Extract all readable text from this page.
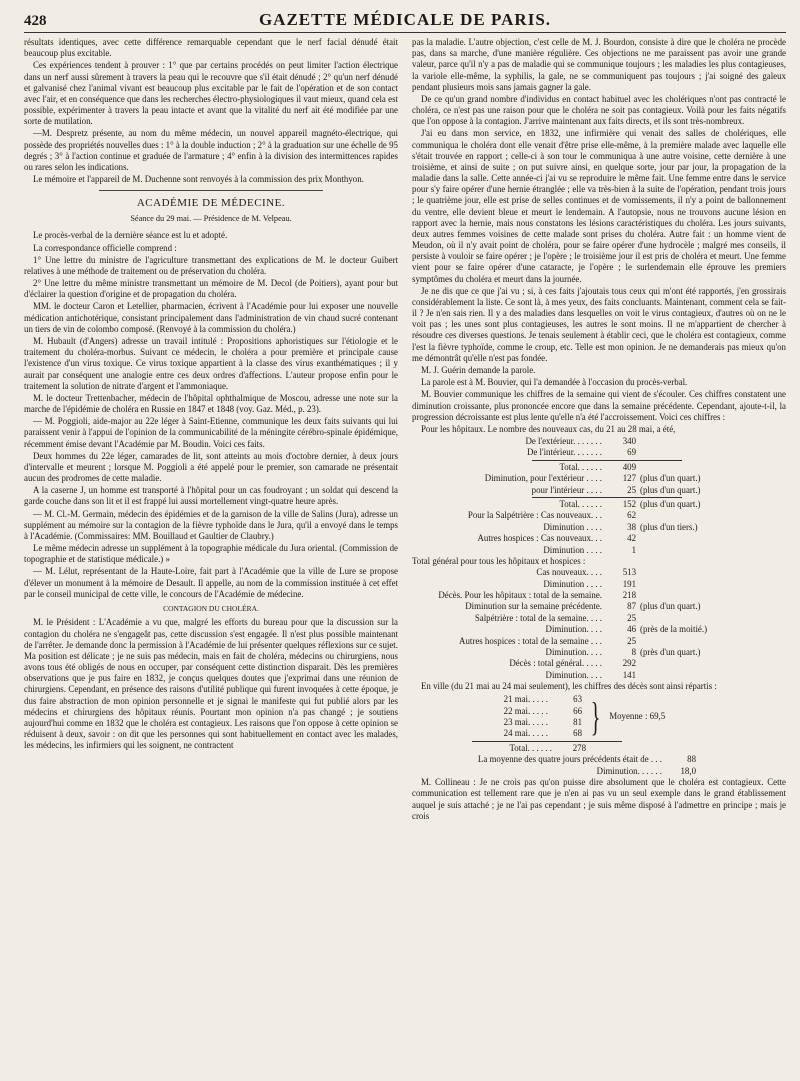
428	GAZETTE MÉDICALE DE PARIS.

résultats identiques, avec cette différence remarquable cependant que le nerf facial dénudé était beaucoup plus excitable.

Ces expériences tendent à prouver : 1° que par certains procédés on peut limiter l'action électrique dans un nerf aussi sûrement à travers la peau qui le recouvre que s'il était dénudé ; 2° qu'un nerf dénudé et galvanisé chez l'animal vivant est beaucoup plus excitable par le fait de l'opération et de son contact avec l'air, et en conséquence que dans les recherches électro-physiologiques il vaut mieux, quand cela est possible, expérimenter à travers la peau intacte et avant que la vitalité du nerf ait été modifiée par une sorte de mutilation.

—M. Despretz présente, au nom du même médecin, un nouvel appareil magnéto-électrique, qui possède des propriétés nouvelles dues : 1° à la double induction ; 2° à la graduation sur une échelle de 95 degrés ; 3° à l'action continue et graduée de l'armature ; 4° enfin à la division des intermittences rapides ou rares selon les indications.

Le mémoire et l'appareil de M. Duchenne sont renvoyés à la commission des prix Monthyon.

ACADÉMIE DE MÉDECINE.
Séance du 29 mai. — Présidence de M. Velpeau.

Le procès-verbal de la dernière séance est lu et adopté.

La correspondance officielle comprend :

1° Une lettre du ministre de l'agriculture transmettant des explications de M. le docteur Guibert relatives à une méthode de traitement ou de préservation du choléra.

2° Une lettre du même ministre transmettant un mémoire de M. Decol (de Poitiers), ayant pour but d'éclairer la question d'origine et de propagation du choléra.

MM. le docteur Caron et Letellier, pharmacien, écrivent à l'Académie pour lui exposer une nouvelle médication antichotérique, consistant principalement dans l'administration de vin chaud sucré contenant un tiers de vin de colombo composé. (Renvoyé à la commission du choléra.)

M. Hubault (d'Angers) adresse un travail intitulé : Propositions aphoristiques sur l'étiologie et le traitement du choléra-morbus. Suivant ce médecin, le choléra a pour première et principale cause l'existence d'un virus toxique. Ce virus toxique appartient à la classe des virus exanthématiques ; il y aurait par conséquent une analogie entre ces deux ordres d'affections. L'auteur propose enfin pour le traitement la solution de nitrate d'argent et l'ammoniaque.

M. le docteur Trettenbacher, médecin de l'hôpital ophthalmique de Moscou, adresse une note sur la marche de l'épidémie de choléra en Russie en 1847 et 1848 (voy. Gaz. Méd., p. 23).

— M. Poggioli, aide-major au 22e léger à Saint-Etienne, communique les deux faits suivants qui lui paraissent venir à l'appui de l'opinion de la communicabilité de la méningite cérébro-spinale épidémique, récemment émise devant l'Académie par M. Boudin. Voici ces faits.

Deux hommes du 22e léger, camarades de lit, sont atteints au mois d'octobre dernier, à deux jours d'intervalle et meurent ; lorsque M. Poggioli a été appelé pour le premier, son camarade ne présentait aucun des prodromes de cette maladie.

A la caserne J, un homme est transporté à l'hôpital pour un cas foudroyant ; un soldat qui descend la garde couche dans son lit et il est frappé lui aussi mortellement vingt-quatre heure après.

— M. Cl.-M. Germain, médecin des épidémies et de la garnison de la ville de Salins (Jura), adresse un supplément au mémoire sur la contagion de la fièvre typhoïde dans le Jura, qu'il a envoyé dans le temps à l'Académie. (Commissaires: MM. Bouillaud et Gaultier de Claubry.)

Le même médecin adresse un supplément à la topographie médicale du Jura oriental. (Commission de topographie et de statistique médicale.) »

— M. Lélut, représentant de la Haute-Loire, fait part à l'Académie que la ville de Lure se propose d'élever un monument à la mémoire de Desault. Il appelle, au nom de la commission instituée à cet effet par le conseil municipal de cette ville, le concours de l'Académie de médecine.

CONTAGION DU CHOLÉRA.

M. le Président : L'Académie a vu que, malgré les efforts du bureau pour que la discussion sur la contagion du choléra ne s'engageât pas, cette discussion s'est engagée. Il n'est plus possible maintenant de l'arrêter. Je demande donc la permission à l'Académie de lui présenter quelques réflexions sur ce sujet. Ma position est délicate ; je ne suis pas médecin, mais en fait de choléra, médecins ou chirurgiens, nous avons tous été obligés de nous en occuper, par conséquent cette distinction disparait. Dès les premières observations que je pus faire en 1832, je conçus quelques doutes que j'exprimai dans une réunion de chirurgiens. Cependant, en présence des raisons d'utilité publique qui furent invoquées à cette époque, je dus faire abstraction de mon opinion personnelle et je signai le manifeste qui fut publié alors par les médecins et chirurgiens des hôpitaux réunis. Pourtant mon opinion n'a pas changé ; je soutiens aujourd'hui comme en 1832 que le choléra est contagieux. Les raisons que l'on oppose à cette opinion se réduisent à deux, savoir : on dit que les personnes qui sont habituellement en contact avec les malades, les médecins, les infirmiers qui les soignent, ne contractent

pas la maladie. L'autre objection, c'est celle de M. J. Bourdon, consiste à dire que le choléra ne procède pas, dans sa marche, d'une manière régulière. Ces objections ne me paraissent pas avoir une grande valeur, parce qu'il n'y a pas de maladie qui se communique toujours ; les maladies les plus contagieuses, la variole elle-même, la syphilis, la gale, ne se communiquent pas toujours ; j'ai soigné des galeux pendant plusieurs mois sans jamais gagner la gale.

De ce qu'un grand nombre d'individus en contact habituel avec les cholériques n'ont pas contracté le choléra, ce n'est pas une raison pour que le choléra ne soit pas contagieux. Voilà pour les faits négatifs que l'on oppose à la contagion. J'arrive maintenant aux faits directs, et ils sont très-nombreux.

J'ai eu dans mon service, en 1832, une infirmière qui venait des salles de cholériques, elle communiqua le choléra dont elle venait d'être prise elle-même, à la première malade avec laquelle elle s'était trouvée en rapport ; celle-ci à son tour le communiqua à une autre voisine, cette dernière à une troisième, et ainsi de suite ; on put suivre ainsi, en quelque sorte, jour par jour, la propagation de la maladie dans la salle. Cette année-ci j'ai vu se reproduire le même fait. Une femme entre dans le service pour s'y faire opérer d'une hernie étranglée ; elle va très-bien à la suite de l'opération, pendant trois jours ; le quatrième jour, elle est prise de selles continues et de vomissements, il n'y a point de ballonnement du ventre, elle devient bleue et meurt le lendemain. A l'autopsie, nous ne trouvons aucune lésion en rapport avec la hernie, mais nous constatons les lésions caractéristiques du choléra. Les jours suivants, deux autres femmes voisines de cette malade sont prises du choléra. Autre fait : un homme vient de Meudon, où il n'y avait point de choléra, pour se faire opérer d'une hydrocèle ; malgré mes conseils, il persiste à vouloir se faire opérer ; je l'opère ; le troisième jour il est pris de choléra et meurt. Une femme vient pour se faire opérer d'une cataracte, je l'opère ; le surlendemain elle éprouve les premiers symptômes du choléra et meurt dans la journée.

Je ne dis que ce que j'ai vu ; si, à ces faits j'ajoutais tous ceux qui m'ont été rapportés, j'en grossirais considérablement la liste. Ce sont là, à mes yeux, des faits concluants. Maintenant, comment cela se fait-il ? Je n'en sais rien. Il y a des maladies dans lesquelles on voit le virus contagieux, d'autres où on ne le voit pas ; les unes sont plus contagieuses, les autres le sont moins. Il ne m'appartient de chercher à résoudre ces diverses questions. Je tenais seulement à établir ceci, que le choléra est contagieux, comme l'est la fièvre typhoïde, comme le croup, etc. Telle est mon opinion. Je ne demanderais pas mieux qu'on me démontrât qu'elle n'est pas fondée.

M. J. Guérin demande la parole.

La parole est à M. Bouvier, qui l'a demandée à l'occasion du procès-verbal.

M. Bouvier communique les chiffres de la semaine qui vient de s'écouler. Ces chiffres constatent une diminution croissante, plus prononcée encore que dans la semaine précédente. Cependant, ajoute-t-il, la progression décroissante est plus lente qu'elle n'a été l'accroissement. Voici ces chiffres :

Pour les hôpitaux. Le nombre des nouveaux cas, du 21 au 28 mai, a été,

De l'extérieur. . . . . . .	340
De l'intérieur. . . . . . .	69
Total. . . . . .	409
Diminution, pour l'extérieur . . . .	127 (plus d'un quart.)
pour l'intérieur . . . .	25 (plus d'un quart.)
Total. . . . . .	152 (plus d'un quart.)
Pour la Salpétrière : Cas nouveaux. . .	62
Diminution . . . .	38 (plus d'un tiers.)
Autres hospices : Cas nouveaux. . .	42
Diminution . . . .	1
Total général pour tous les hôpitaux et hospices :
Cas nouveaux. . . .	513
Diminution . . . .	191
Décès. Pour les hôpitaux : total de la semaine.	218
Diminution sur la semaine précédente.	87 (plus d'un quart.)
Salpétrière : total de la semaine. . . .	25
Diminution. . . .	46 (près de la moitié.)
Autres hospices : total de la semaine . . .	25
Diminution. . . .	8 (près d'un quart.)
Décès : total général. . . . .	292
Diminution. . . .	141

En ville (du 21 mai au 24 mai seulement), les chiffres des décès sont ainsi répartis :

21 mai. . . . .	63
22 mai. . . . .	66
23 mai. . . . .	81
24 mai. . . . .	68 } Moyenne : 69,5
Total. . . . . .	278
La moyenne des quatre jours précédents était de . . .	88
Diminution. . . . . .	18,0

M. Collineau : Je ne crois pas qu'on puisse dire absolument que le choléra est contagieux. Cette communication est tellement rare que je n'en ai pas vu un seul exemple dans le grand établissement auquel je suis attaché ; je ne l'ai pas cependant ; je suis même disposé à l'admettre en principe ; mais je crois
